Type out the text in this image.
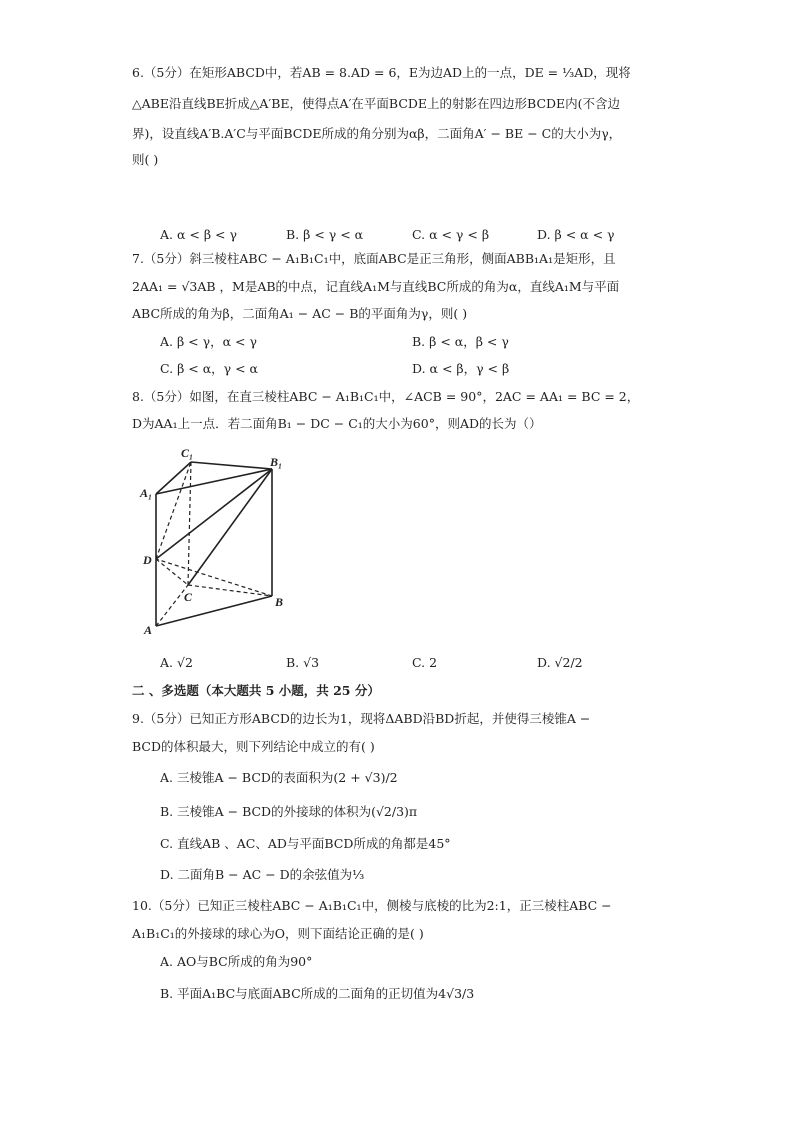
6.（5分）在矩形ABCD中，若AB = 8.AD = 6，E为边AD上的一点，DE = ⅓AD，现将
△ABE沿直线BE折成△A′BE，使得点A′在平面BCDE上的射影在四边形BCDE内(不含边
界)，设直线A′B.A′C与平面BCDE所成的角分别为αβ，二面角A′ − BE − C的大小为γ，
则( )
A. α < β < γ	B. β < γ < α	C. α < γ < β	D. β < α < γ
7.（5分）斜三棱柱ABC − A₁B₁C₁中，底面ABC是正三角形，侧面ABB₁A₁是矩形，且
2AA₁ = √3AB ，M是AB的中点，记直线A₁M与直线BC所成的角为α，直线A₁M与平面
ABC所成的角为β，二面角A₁ − AC − B的平面角为γ，则( )
A. β < γ，α < γ	B. β < α，β < γ
C. β < α，γ < α	D. α < β，γ < β
8.（5分）如图，在直三棱柱ABC − A₁B₁C₁中，∠ACB = 90°，2AC = AA₁ = BC = 2，
D为AA₁上一点．若二面角B₁ − DC − C₁的大小为60°，则AD的长为（）
C₁
B₁
A₁
D
C	B
A
A. √2	B. √3	C. 2	D. √2/2
二 、多选题（本大题共 5 小题，共 25 分）
9.（5分）已知正方形ABCD的边长为1，现将ΔABD沿BD折起，并使得三棱锥A −
BCD的体积最大，则下列结论中成立的有( )
A. 三棱锥A − BCD的表面积为(2 + √3)/2
B. 三棱锥A − BCD的外接球的体积为(√2/3)π
C. 直线AB 、AC、AD与平面BCD所成的角都是45°
D. 二面角B − AC − D的余弦值为⅓
10.（5分）已知正三棱柱ABC − A₁B₁C₁中，侧棱与底棱的比为2:1，正三棱柱ABC −
A₁B₁C₁的外接球的球心为O，则下面结论正确的是( )
A. AO与BC所成的角为90°
B. 平面A₁BC与底面ABC所成的二面角的正切值为4√3/3
